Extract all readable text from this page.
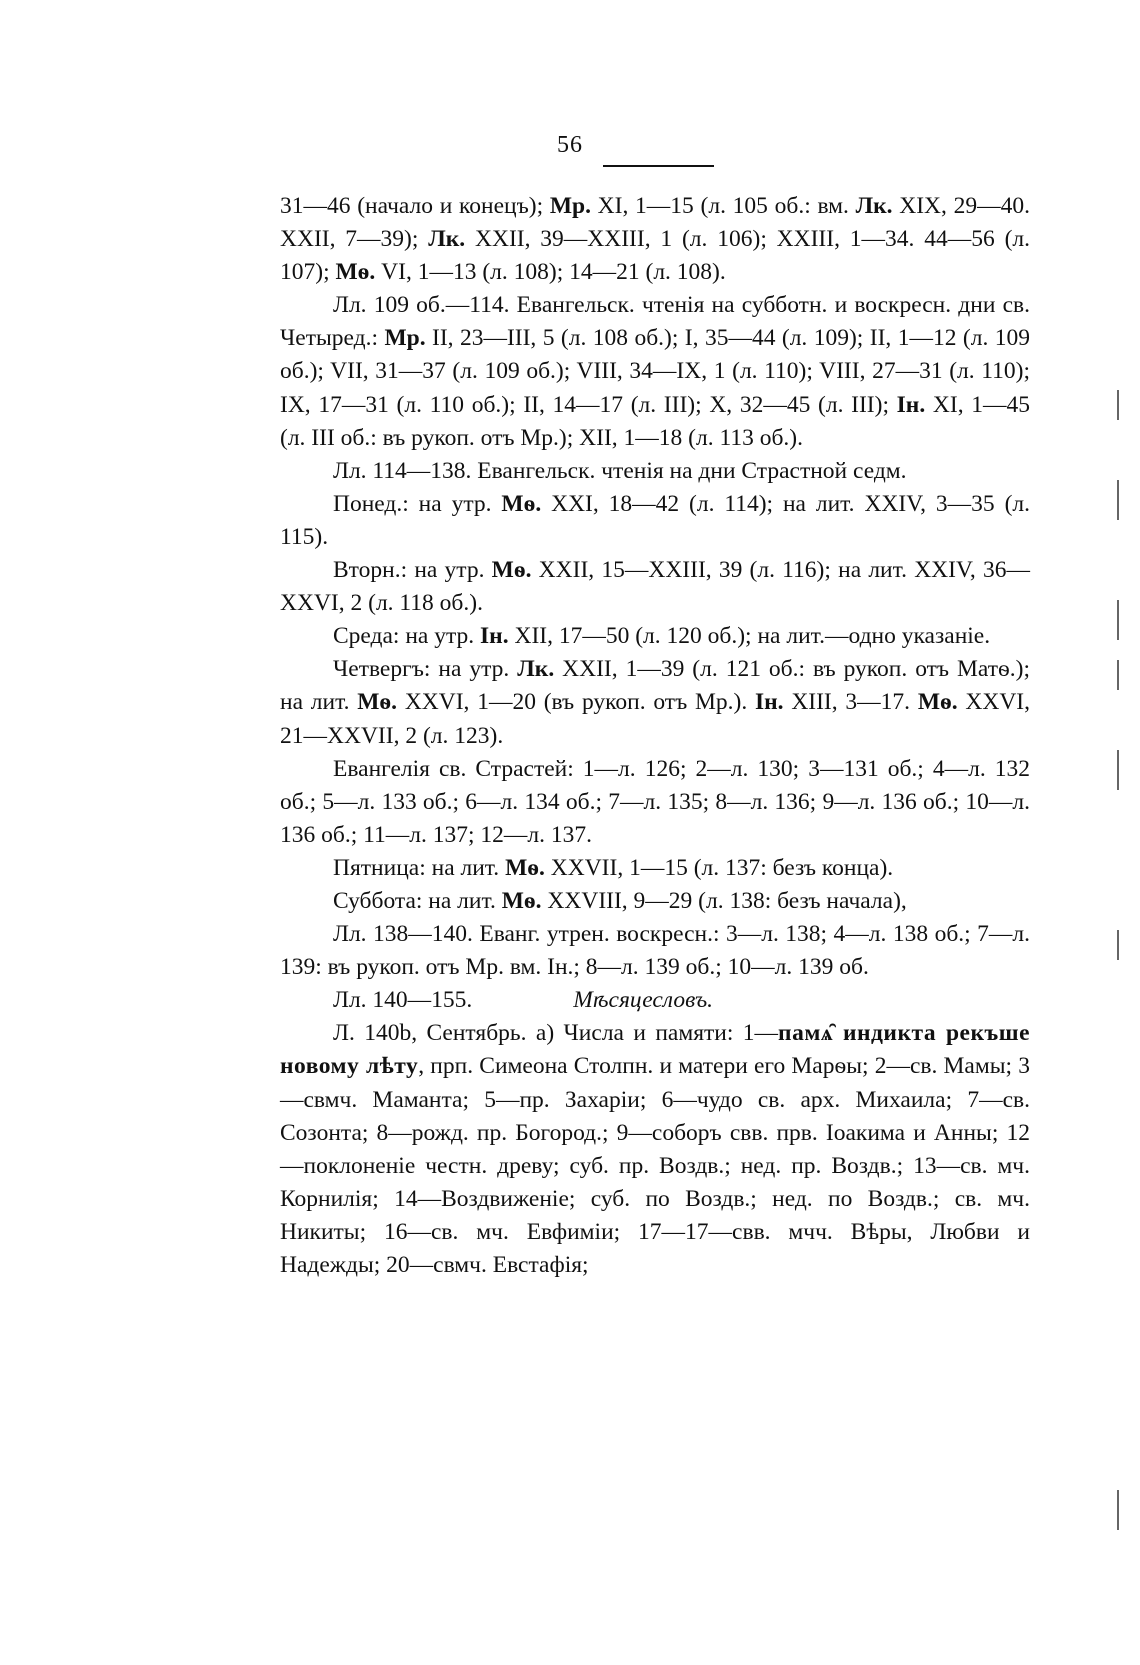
56

31—46 (начало и конецъ); Мр. XI, 1—15 (л. 105 об.: вм. Лк. XIX, 29—40. XXII, 7—39); Лк. XXII, 39—XXIII, 1 (л. 106); XXIII, 1—34. 44—56 (л. 107); Мѳ. VI, 1—13 (л. 108); 14—21 (л. 108).

Лл. 109 об.—114. Евангельск. чтенія на субботн. и воскресн. дни св. Четыред.: Мр. II, 23—III, 5 (л. 108 об.); I, 35—44 (л. 109); II, 1—12 (л. 109 об.); VII, 31—37 (л. 109 об.); VIII, 34—IX, 1 (л. 110); VIII, 27—31 (л. 110); IX, 17—31 (л. 110 об.); II, 14—17 (л. III); X, 32—45 (л. III); Ін. XI, 1—45 (л. III об.: въ рукоп. отъ Мр.); XII, 1—18 (л. 113 об.).

Лл. 114—138. Евангельск. чтенія на дни Страстной седм.

Понед.: на утр. Мѳ. XXI, 18—42 (л. 114); на лит. XXIV, 3—35 (л. 115).

Вторн.: на утр. Мѳ. XXII, 15—XXIII, 39 (л. 116); на лит. XXIV, 36—XXVI, 2 (л. 118 об.).

Среда: на утр. Ін. XII, 17—50 (л. 120 об.); на лит.—одно указаніе.

Четвергъ: на утр. Лк. XXII, 1—39 (л. 121 об.: въ рукоп. отъ Матѳ.); на лит. Мѳ. XXVI, 1—20 (въ рукоп. отъ Мр.). Ін. XIII, 3—17. Мѳ. XXVI, 21—XXVII, 2 (л. 123).

Евангелія св. Страстей: 1—л. 126; 2—л. 130; 3—131 об.; 4—л. 132 об.; 5—л. 133 об.; 6—л. 134 об.; 7—л. 135; 8—л. 136; 9—л. 136 об.; 10—л. 136 об.; 11—л. 137; 12—л. 137.

Пятница: на лит. Мѳ. XXVII, 1—15 (л. 137: безъ конца).

Суббота: на лит. Мѳ. XXVIII, 9—29 (л. 138: безъ начала),

Лл. 138—140. Еванг. утрен. воскресн.: 3—л. 138; 4—л. 138 об.; 7—л. 139: въ рукоп. отъ Мр. вм. Ін.; 8—л. 139 об.; 10—л. 139 об.

Лл. 140—155.	Мѣсяцесловъ.

Л. 140b, Сентябрь. а) Числа и памяти: 1—памѧ̑ индикта рекъше новому лѣту, прп. Симеона Столпн. и матери его Марѳы; 2—св. Мамы; 3—свмч. Маманта; 5—пр. Захаріи; 6—чудо св. арх. Михаила; 7—св. Созонта; 8—рожд. пр. Богород.; 9—соборъ свв. прв. Іоакима и Анны; 12—поклоненіе честн. древу; суб. пр. Воздв.; нед. пр. Воздв.; 13—св. мч. Корнилія; 14—Воздвиженіе; суб. по Воздв.; нед. по Воздв.; св. мч. Никиты; 16—св. мч. Евфиміи; 17—17—свв. мчч. Вѣры, Любви и Надежды; 20—свмч. Евстафія;
